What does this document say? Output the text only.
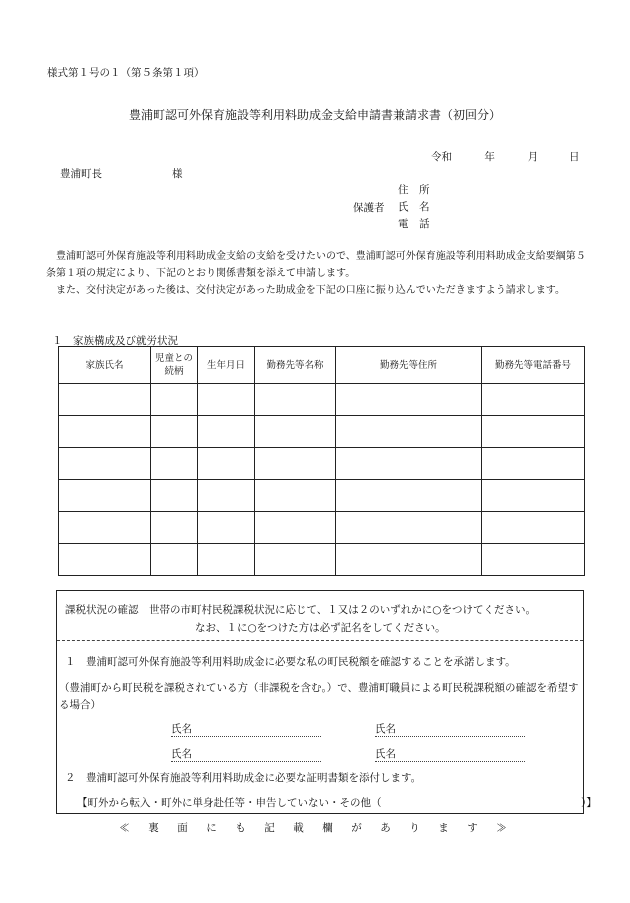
様式第１号の１（第５条第１項）
豊浦町認可外保育施設等利用料助成金支給申請書兼請求書（初回分）
令和	年	月	日
豊浦町長	様
保護者
住　所
氏　名
電　話

　豊浦町認可外保育施設等利用料助成金支給の支給を受けたいので、豊浦町認可外保育施設等利用料助成金支給要綱第５条第１項の規定により、下記のとおり関係書類を添えて申請します。

　また、交付決定があった後は、交付決定があった助成金を下記の口座に振り込んでいただきますよう請求します。

１　家族構成及び就労状況
家族氏名	児童との続柄	生年月日	勤務先等名称	勤務先等住所	勤務先等電話番号

課税状況の確認　世帯の市町村民税課税状況に応じて、１又は２のいずれかに○をつけてください。
なお、１に○をつけた方は必ず記名をしてください。
１　豊浦町認可外保育施設等利用料助成金に必要な私の町民税額を確認することを承諾します。
（豊浦町から町民税を課税されている方（非課税を含む。）で、豊浦町職員による町民税課税額の確認を希望する場合）
氏名	氏名
氏名	氏名
２　豊浦町認可外保育施設等利用料助成金に必要な証明書類を添付します。
【町外から転入・町外に単身赴任等・申告していない・その他（　　　　　　　　　　　　　　　　　　　）】
≪　裏　面　に　も　記　載　欄　が　あ　り　ま　す　≫
